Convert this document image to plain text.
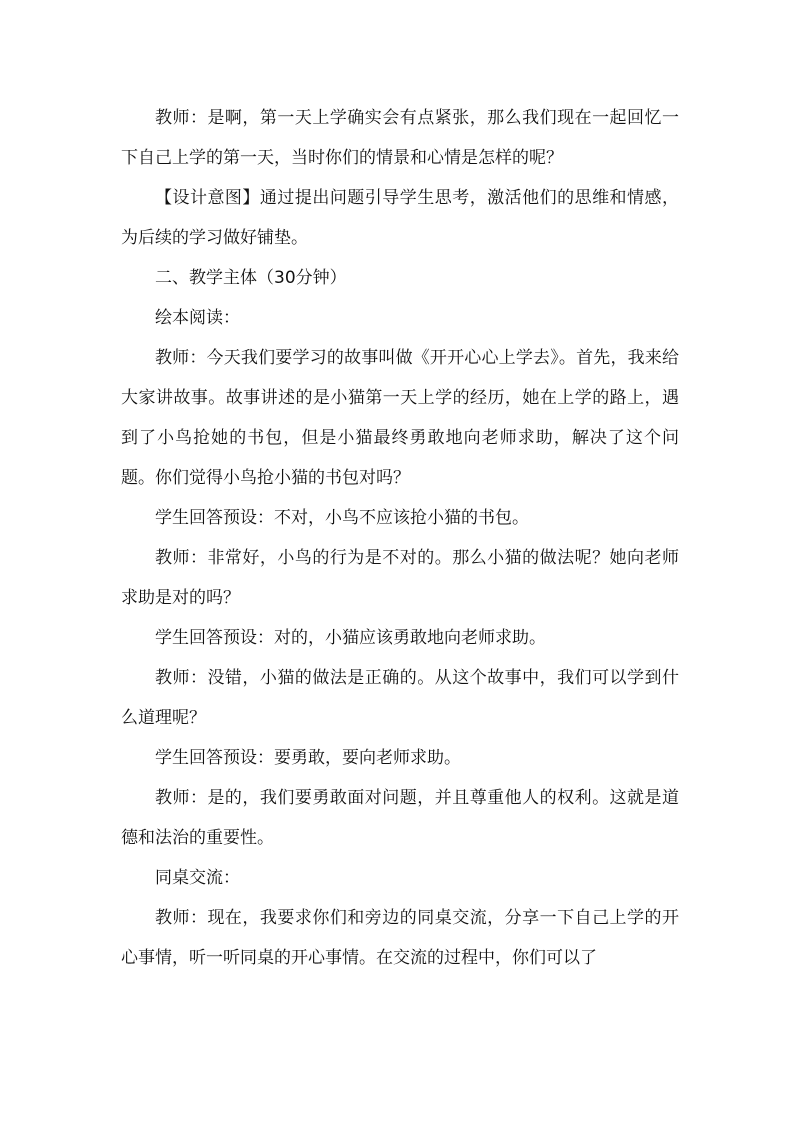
教师：是啊，第一天上学确实会有点紧张，那么我们现在一起回忆一下自己上学的第一天，当时你们的情景和心情是怎样的呢？

【设计意图】通过提出问题引导学生思考，激活他们的思维和情感，为后续的学习做好铺垫。

二、教学主体（30分钟）

绘本阅读：

教师：今天我们要学习的故事叫做《开开心心上学去》。首先，我来给大家讲故事。故事讲述的是小猫第一天上学的经历，她在上学的路上，遇到了小鸟抢她的书包，但是小猫最终勇敢地向老师求助，解决了这个问题。你们觉得小鸟抢小猫的书包对吗？

学生回答预设：不对，小鸟不应该抢小猫的书包。

教师：非常好，小鸟的行为是不对的。那么小猫的做法呢？她向老师求助是对的吗？

学生回答预设：对的，小猫应该勇敢地向老师求助。

教师：没错，小猫的做法是正确的。从这个故事中，我们可以学到什么道理呢？

学生回答预设：要勇敢，要向老师求助。

教师：是的，我们要勇敢面对问题，并且尊重他人的权利。这就是道德和法治的重要性。

同桌交流：

教师：现在，我要求你们和旁边的同桌交流，分享一下自己上学的开心事情，听一听同桌的开心事情。在交流的过程中，你们可以了
